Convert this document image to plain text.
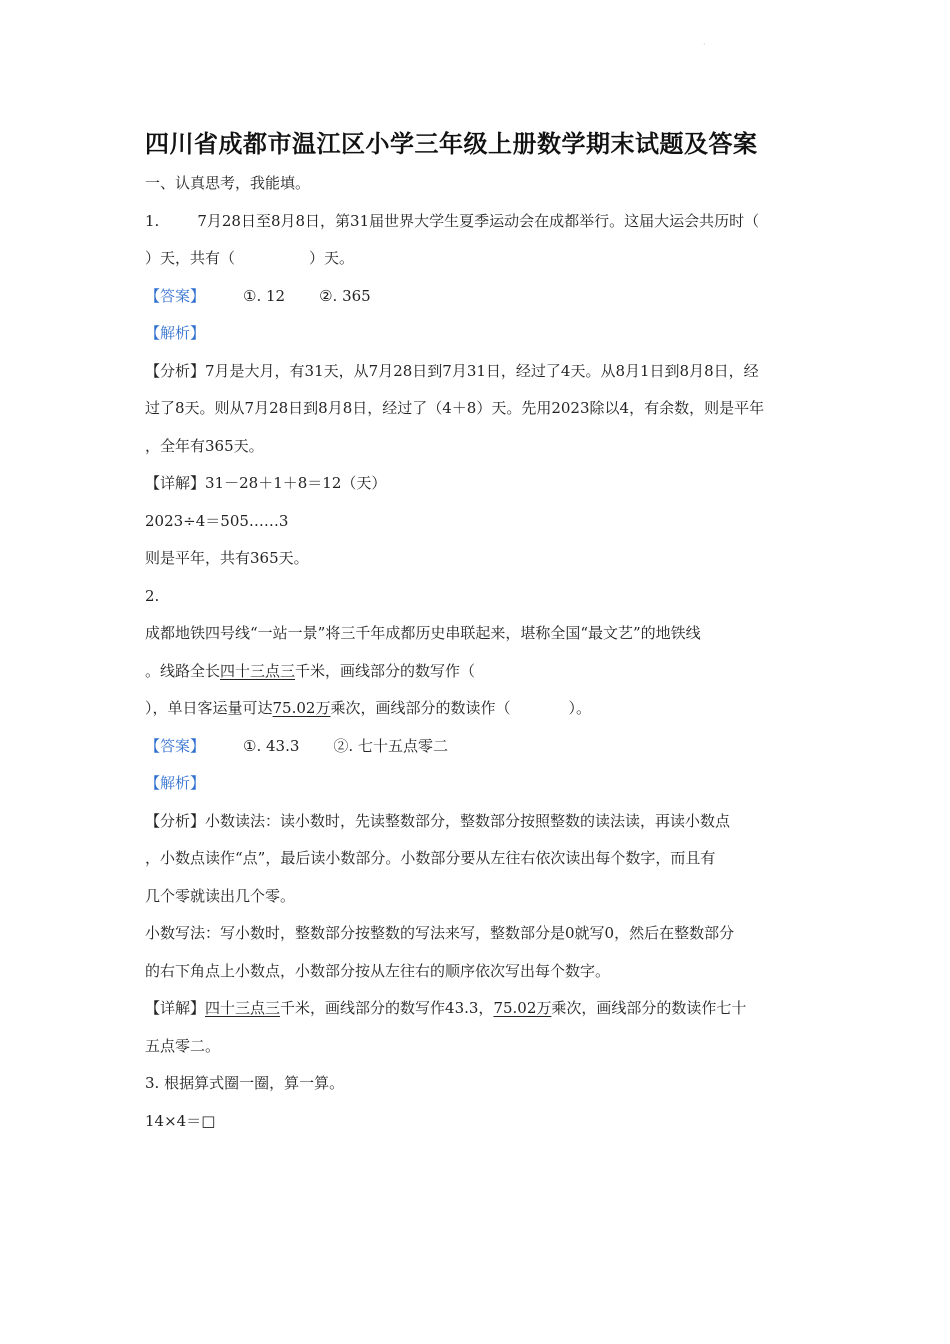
·
四川省成都市温江区小学三年级上册数学期末试题及答案
一、认真思考，我能填。
1.	7月28日至8月8日，第31届世界大学生夏季运动会在成都举行。这届大运会共历时（
）天，共有（	）天。
【答案】	①. 12 ②. 365
【解析】
【分析】7月是大月，有31天，从7月28日到7月31日，经过了4天。从8月1日到8月8日，经
过了8天。则从7月28日到8月8日，经过了（4＋8）天。先用2023除以4，有余数，则是平年
，全年有365天。
【详解】31－28＋1＋8＝12（天）
2023÷4＝505……3
则是平年，共有365天。
2.
成都地铁四号线“一站一景”将三千年成都历史串联起来，堪称全国“最文艺”的地铁线
。线路全长四十三点三千米，画线部分的数写作（
），单日客运量可达75.02万乘次，画线部分的数读作（	）。
【答案】	①. 43.3 ②. 七十五点零二
【解析】
【分析】小数读法：读小数时，先读整数部分，整数部分按照整数的读法读，再读小数点
，小数点读作“点”，最后读小数部分。小数部分要从左往右依次读出每个数字，而且有
几个零就读出几个零。
小数写法：写小数时，整数部分按整数的写法来写，整数部分是0就写0，然后在整数部分
的右下角点上小数点，小数部分按从左往右的顺序依次写出每个数字。
【详解】四十三点三千米，画线部分的数写作43.3，75.02万乘次，画线部分的数读作七十
五点零二。
3. 根据算式圈一圈，算一算。
14×4＝□
